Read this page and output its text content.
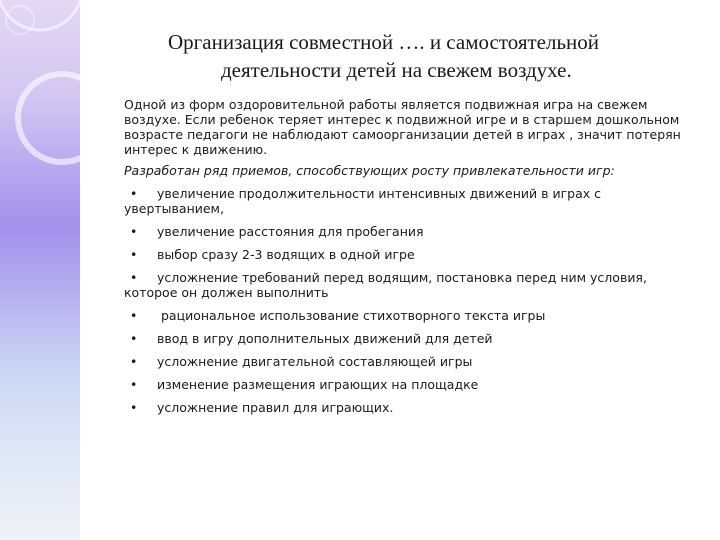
Организация совместной …. и самостоятельной
деятельности детей на свежем воздухе.

Одной из форм оздоровительной работы является подвижная игра на свежем воздухе. Если ребенок теряет интерес к подвижной игре и в старшем дошкольном возрасте педагоги не наблюдают самоорганизации детей в играх , значит потерян интерес к движению.

Разработан ряд приемов, способствующих росту привлекательности игр:

• увеличение продолжительности интенсивных движений в играх с увертыванием,
• увеличение расстояния для пробегания
• выбор сразу 2-3 водящих в одной игре
• усложнение требований перед водящим, постановка перед ним условия, которое он должен выполнить
• рациональное использование стихотворного текста игры
• ввод в игру дополнительных движений для детей
• усложнение двигательной составляющей игры
• изменение размещения играющих на площадке
• усложнение правил для играющих.
